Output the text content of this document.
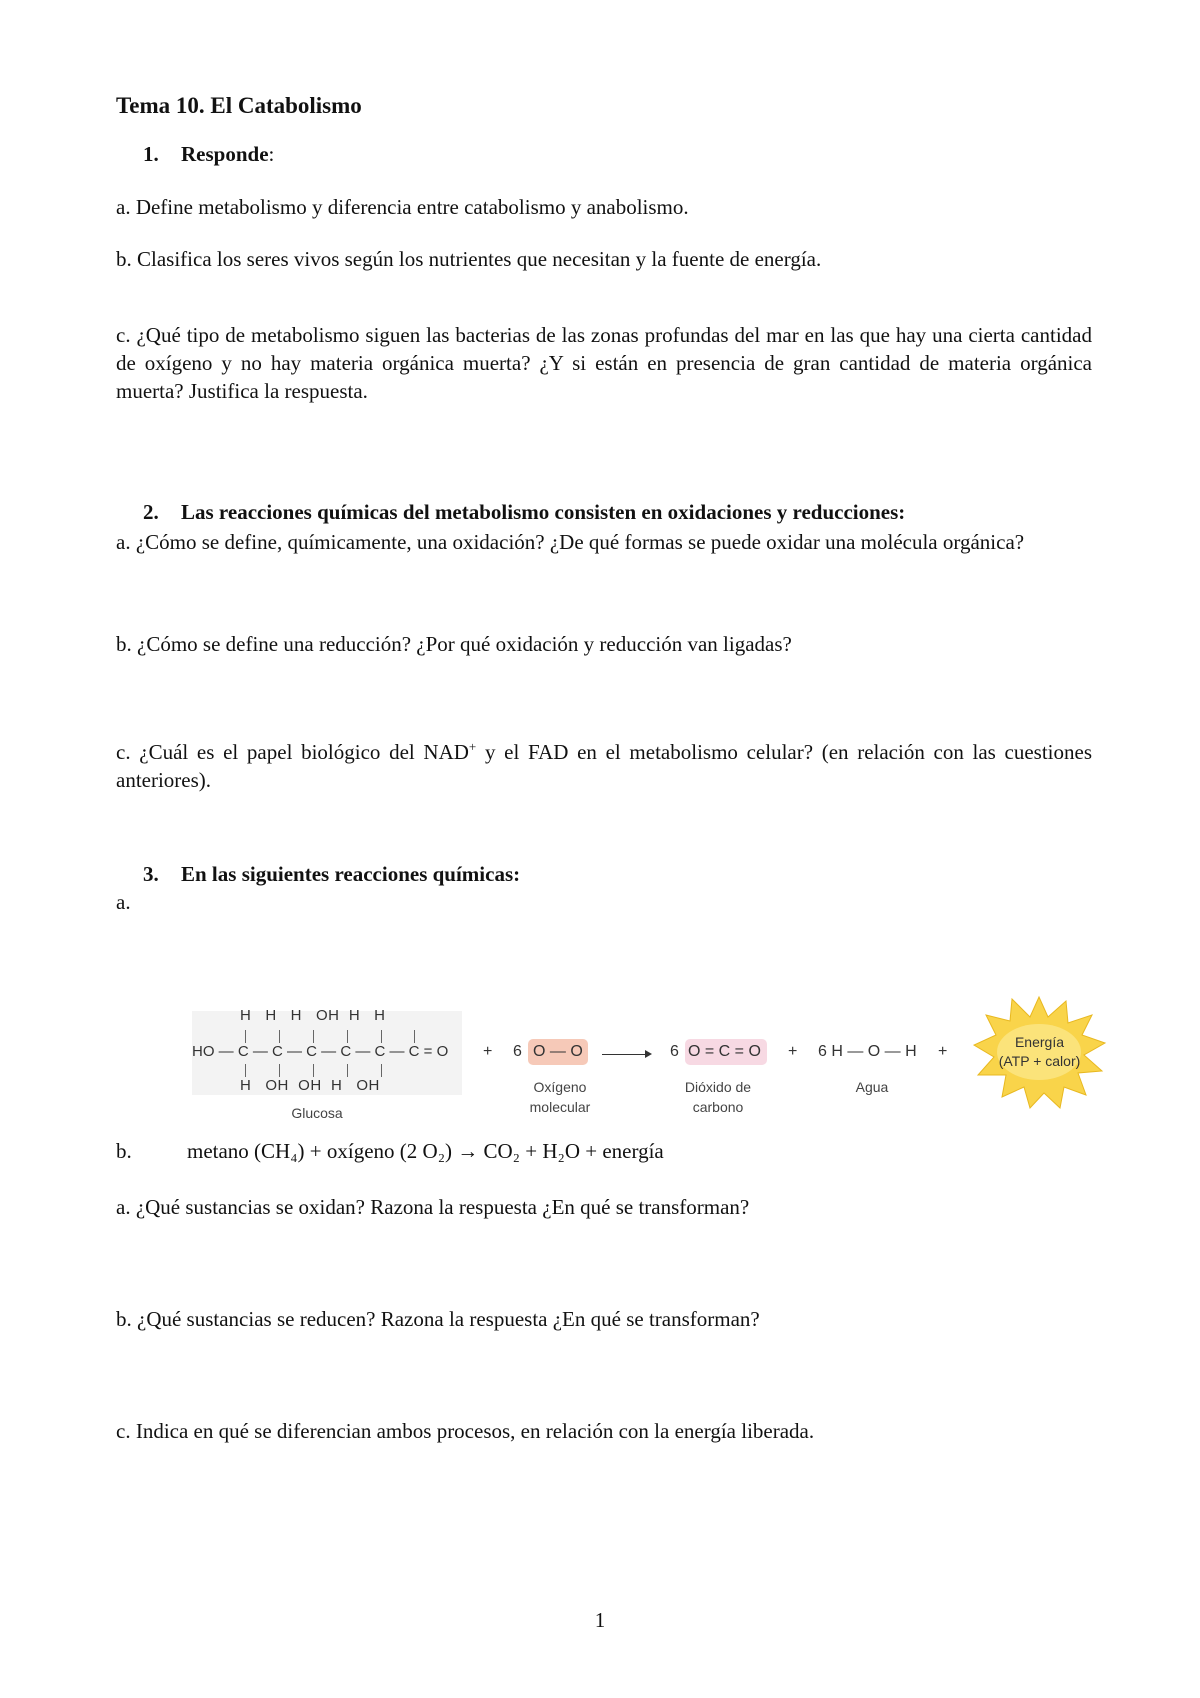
Tema 10. El Catabolismo
1. Responde:

a. Define metabolismo y diferencia entre catabolismo y anabolismo.

b. Clasifica los seres vivos según los nutrientes que necesitan y la fuente de energía.

c. ¿Qué tipo de metabolismo siguen las bacterias de las zonas profundas del mar en las que hay una cierta cantidad de oxígeno y no hay materia orgánica muerta? ¿Y si están en presencia de gran cantidad de materia orgánica muerta? Justifica la respuesta.

2. Las reacciones químicas del metabolismo consisten en oxidaciones y reducciones:

a. ¿Cómo se define, químicamente, una oxidación? ¿De qué formas se puede oxidar una molécula orgánica?

b. ¿Cómo se define una reducción? ¿Por qué oxidación y reducción van ligadas?

c. ¿Cuál es el papel biológico del NAD+ y el FAD en el metabolismo celular? (en relación con las cuestiones anteriores).

3. En las siguientes reacciones químicas:

a.

H   H   H   OH  H   H
HO — C — C — C — C — C — C = O
H   OH  OH  H   OH
Glucosa
+ 6 O — O
Oxígeno
molecular
→ 6 O = C = O
Dióxido de
carbono
+ 6 H — O — H
Agua
+
Energía
(ATP + calor)

b.	metano (CH₄) + oxígeno (2 O₂) → CO₂ + H₂O + energía

a. ¿Qué sustancias se oxidan? Razona la respuesta ¿En qué se transforman?

b. ¿Qué sustancias se reducen? Razona la respuesta ¿En qué se transforman?

c. Indica en qué se diferencian ambos procesos, en relación con la energía liberada.

1
